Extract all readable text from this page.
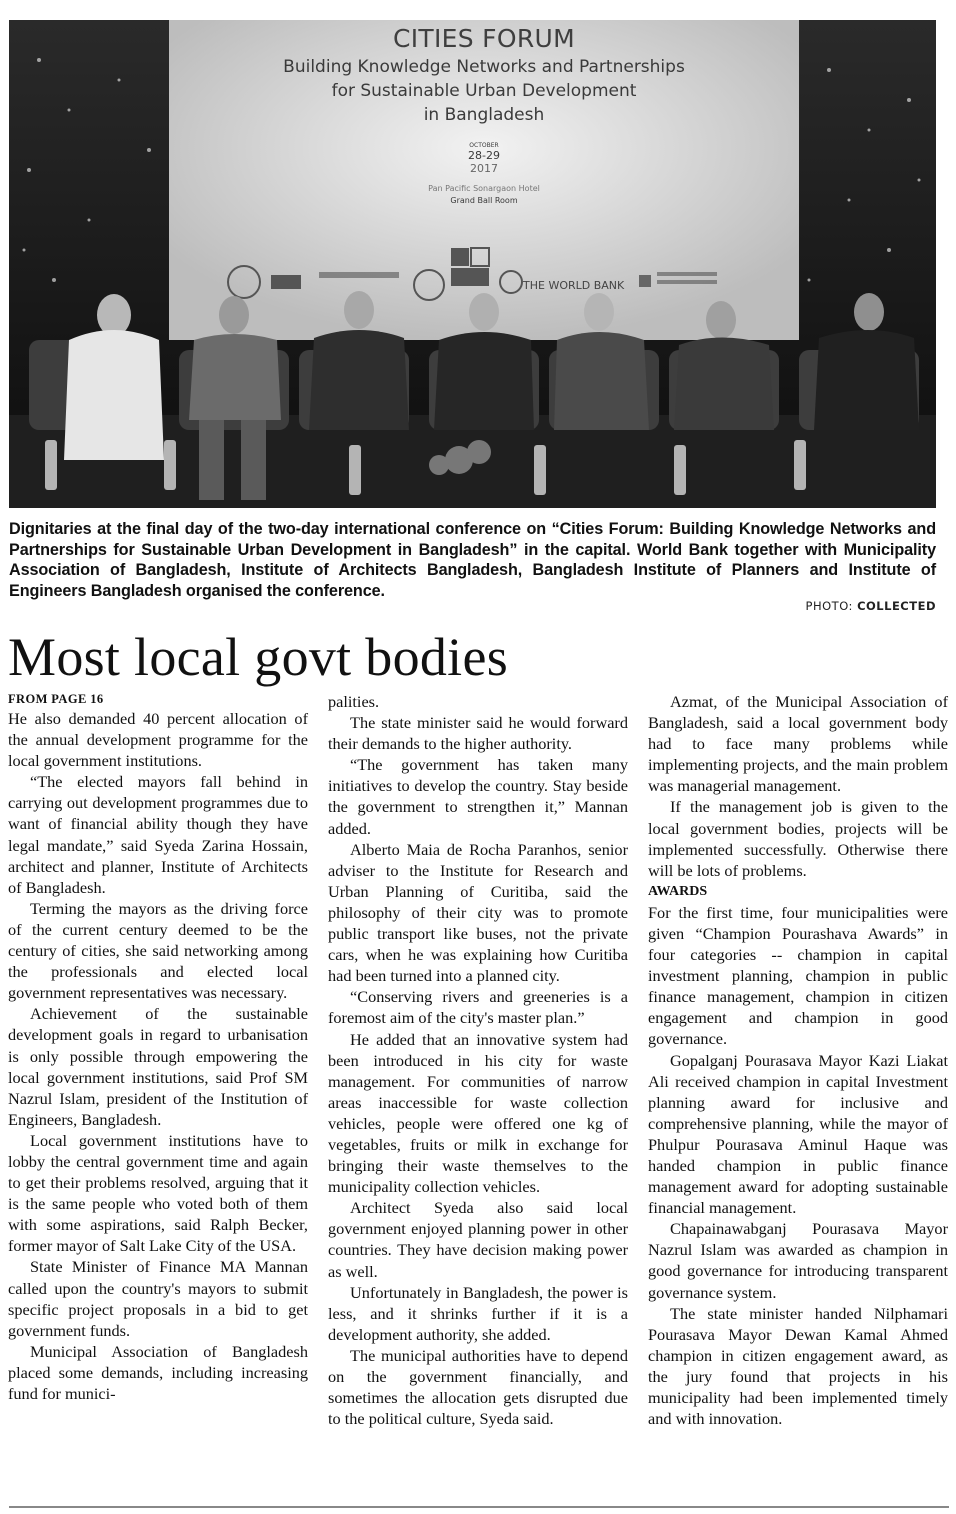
CITIES FORUM
Building Knowledge Networks and Partnerships
for Sustainable Urban Development
in Bangladesh
OCTOBER
28-29
2017
Pan Pacific Sonargaon Hotel
Grand Ball Room
THE WORLD BANK
Dignitaries at the final day of the two-day international conference on “Cities Forum: Building Knowledge Networks and Partnerships for Sustainable Urban Development in Bangladesh” in the capital. World Bank together with Municipality Association of Bangladesh, Institute of Architects Bangladesh, Bangladesh Institute of Planners and Institute of Engineers Bangladesh organised the conference.
PHOTO: COLLECTED
Most local govt bodies

FROM PAGE 16

He also demanded 40 percent allocation of the annual development programme for the local government institutions.

“The elected mayors fall behind in carrying out development programmes due to want of financial ability though they have legal mandate,” said Syeda Zarina Hossain, architect and planner, Institute of Architects of Bangladesh.

Terming the mayors as the driving force of the current century deemed to be the century of cities, she said networking among the professionals and elected local government representatives was necessary.

Achievement of the sustainable development goals in regard to urbanisation is only possible through empowering the local government institutions, said Prof SM Nazrul Islam, president of the Institution of Engineers, Bangladesh.

Local government institutions have to lobby the central government time and again to get their problems resolved, arguing that it is the same people who voted both of them with some aspirations, said Ralph Becker, former mayor of Salt Lake City of the USA.

State Minister of Finance MA Mannan called upon the country's mayors to submit specific project proposals in a bid to get government funds.

Municipal Association of Bangladesh placed some demands, including increasing fund for munici-

palities.

The state minister said he would forward their demands to the higher authority.

“The government has taken many initiatives to develop the country. Stay beside the government to strengthen it,” Mannan added.

Alberto Maia de Rocha Paranhos, senior adviser to the Institute for Research and Urban Planning of Curitiba, said the philosophy of their city was to promote public transport like buses, not the private cars, when he was explaining how Curitiba had been turned into a planned city.

“Conserving rivers and greeneries is a foremost aim of the city's master plan.”

He added that an innovative system had been introduced in his city for waste management. For communities of narrow areas inaccessible for waste collection vehicles, people were offered one kg of vegetables, fruits or milk in exchange for bringing their waste themselves to the municipality collection vehicles.

Architect Syeda also said local government enjoyed planning power in other countries. They have decision making power as well.

Unfortunately in Bangladesh, the power is less, and it shrinks further if it is a development authority, she added.

The municipal authorities have to depend on the government financially, and sometimes the allocation gets disrupted due to the political culture, Syeda said.

Azmat, of the Municipal Association of Bangladesh, said a local government body had to face many problems while implementing projects, and the main problem was managerial management.

If the management job is given to the local government bodies, projects will be implemented successfully. Otherwise there will be lots of problems.

AWARDS

For the first time, four municipalities were given “Champion Pourashava Awards” in four categories -- champion in capital investment planning, champion in public finance management, champion in citizen engagement and champion in good governance.

Gopalganj Pourasava Mayor Kazi Liakat Ali received champion in capital Investment planning award for inclusive and comprehensive planning, while the mayor of Phulpur Pourasava Aminul Haque was handed champion in public finance management award for adopting sustainable financial management.

Chapainawabganj Pourasava Mayor Nazrul Islam was awarded as champion in good governance for introducing transparent governance system.

The state minister handed Nilphamari Pourasava Mayor Dewan Kamal Ahmed champion in citizen engagement award, as the jury found that projects in his municipality had been implemented timely and with innovation.
